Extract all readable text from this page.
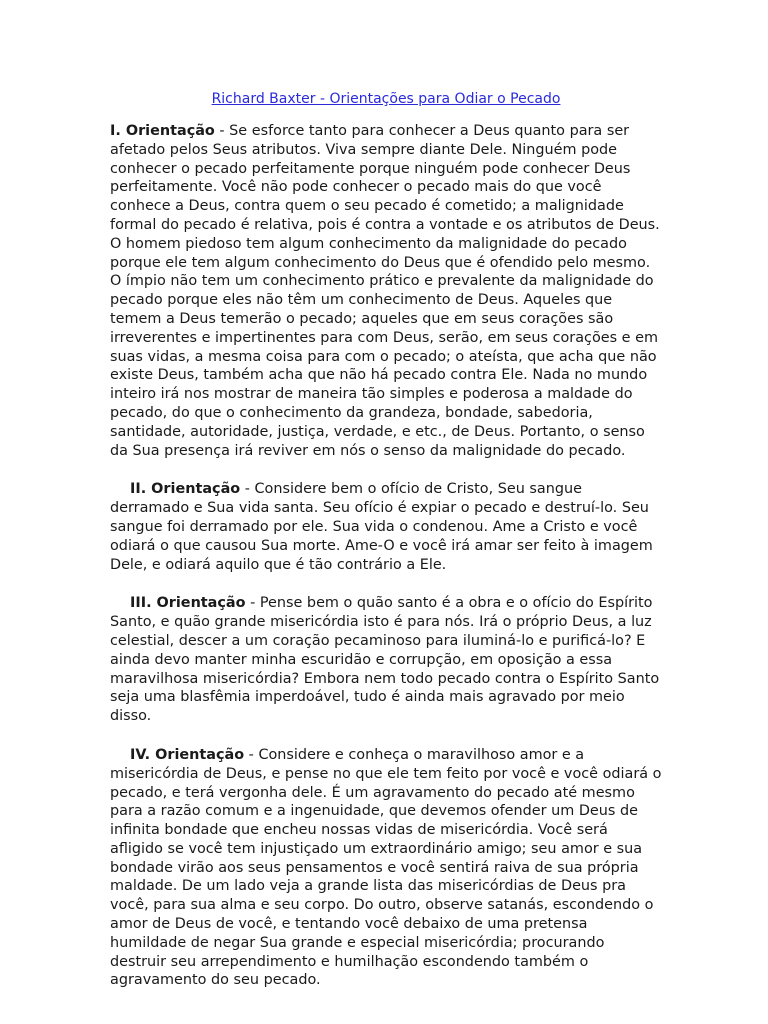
Richard Baxter - Orientações para Odiar o Pecado

I. Orientação - Se esforce tanto para conhecer a Deus quanto para ser afetado pelos Seus atributos. Viva sempre diante Dele. Ninguém pode conhecer o pecado perfeitamente porque ninguém pode conhecer Deus perfeitamente. Você não pode conhecer o pecado mais do que você conhece a Deus, contra quem o seu pecado é cometido; a malignidade formal do pecado é relativa, pois é contra a vontade e os atributos de Deus. O homem piedoso tem algum conhecimento da malignidade do pecado porque ele tem algum conhecimento do Deus que é ofendido pelo mesmo. O ímpio não tem um conhecimento prático e prevalente da malignidade do pecado porque eles não têm um conhecimento de Deus. Aqueles que temem a Deus temerão o pecado; aqueles que em seus corações são irreverentes e impertinentes para com Deus, serão, em seus corações e em suas vidas, a mesma coisa para com o pecado; o ateísta, que acha que não existe Deus, também acha que não há pecado contra Ele. Nada no mundo inteiro irá nos mostrar de maneira tão simples e poderosa a maldade do pecado, do que o conhecimento da grandeza, bondade, sabedoria, santidade, autoridade, justiça, verdade, e etc., de Deus. Portanto, o senso da Sua presença irá reviver em nós o senso da malignidade do pecado.

II. Orientação - Considere bem o ofício de Cristo, Seu sangue derramado e Sua vida santa. Seu ofício é expiar o pecado e destruí-lo. Seu sangue foi derramado por ele. Sua vida o condenou. Ame a Cristo e você odiará o que causou Sua morte. Ame-O e você irá amar ser feito à imagem Dele, e odiará aquilo que é tão contrário a Ele.

III. Orientação - Pense bem o quão santo é a obra e o ofício do Espírito Santo, e quão grande misericórdia isto é para nós. Irá o próprio Deus, a luz celestial, descer a um coração pecaminoso para iluminá-lo e purificá-lo? E ainda devo manter minha escuridão e corrupção, em oposição a essa maravilhosa misericórdia? Embora nem todo pecado contra o Espírito Santo seja uma blasfêmia imperdoável, tudo é ainda mais agravado por meio disso.

IV. Orientação - Considere e conheça o maravilhoso amor e a misericórdia de Deus, e pense no que ele tem feito por você e você odiará o pecado, e terá vergonha dele. É um agravamento do pecado até mesmo para a razão comum e a ingenuidade, que devemos ofender um Deus de infinita bondade que encheu nossas vidas de misericórdia. Você será afligido se você tem injustiçado um extraordinário amigo; seu amor e sua bondade virão aos seus pensamentos e você sentirá raiva de sua própria maldade. De um lado veja a grande lista das misericórdias de Deus pra você, para sua alma e seu corpo. Do outro, observe satanás, escondendo o amor de Deus de você, e tentando você debaixo de uma pretensa humildade de negar Sua grande e especial misericórdia; procurando destruir seu arrependimento e humilhação escondendo também o agravamento do seu pecado.
